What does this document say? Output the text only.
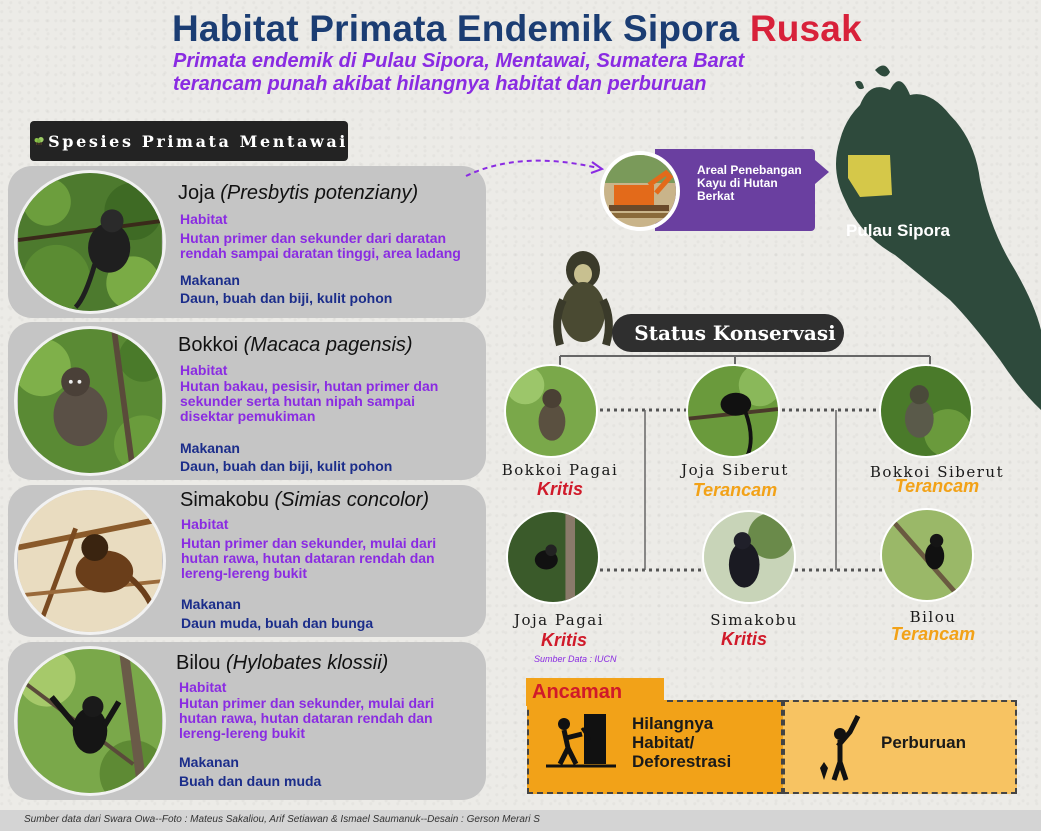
Habitat Primata Endemik Sipora Rusak
Primata endemik di Pulau Sipora, Mentawai, Sumatera Barat
terancam punah akibat hilangnya habitat dan perburuan
Spesies Primata Mentawai
Joja (Presbytis potenziany)
Habitat
Hutan primer dan sekunder dari daratan rendah sampai daratan tinggi, area ladang
Makanan
Daun, buah dan biji, kulit pohon
Bokkoi (Macaca pagensis)
Habitat
Hutan bakau, pesisir, hutan primer dan sekunder serta hutan nipah sampai disektar pemukiman
Makanan
Daun, buah dan biji, kulit pohon
Simakobu (Simias concolor)
Habitat
Hutan primer dan sekunder, mulai dari hutan rawa, hutan dataran rendah dan lereng-lereng bukit
Makanan
Daun muda, buah dan bunga
Bilou (Hylobates klossii)
Habitat
Hutan primer dan sekunder, mulai dari hutan rawa, hutan dataran rendah dan lereng-lereng bukit
Makanan
Buah dan daun muda
Pulau Sipora
Areal Penebangan Kayu di Hutan Berkat
Status Konservasi
Bokkoi Pagai
Kritis
Joja Siberut
Terancam
Bokkoi Siberut
Terancam
Joja Pagai
Kritis
Simakobu
Kritis
Bilou
Terancam
Sumber Data : IUCN
Ancaman
Hilangnya Habitat/ Deforestrasi
Perburuan
Sumber data dari Swara Owa--Foto : Mateus Sakaliou, Arif Setiawan & Ismael Saumanuk--Desain : Gerson Merari S
